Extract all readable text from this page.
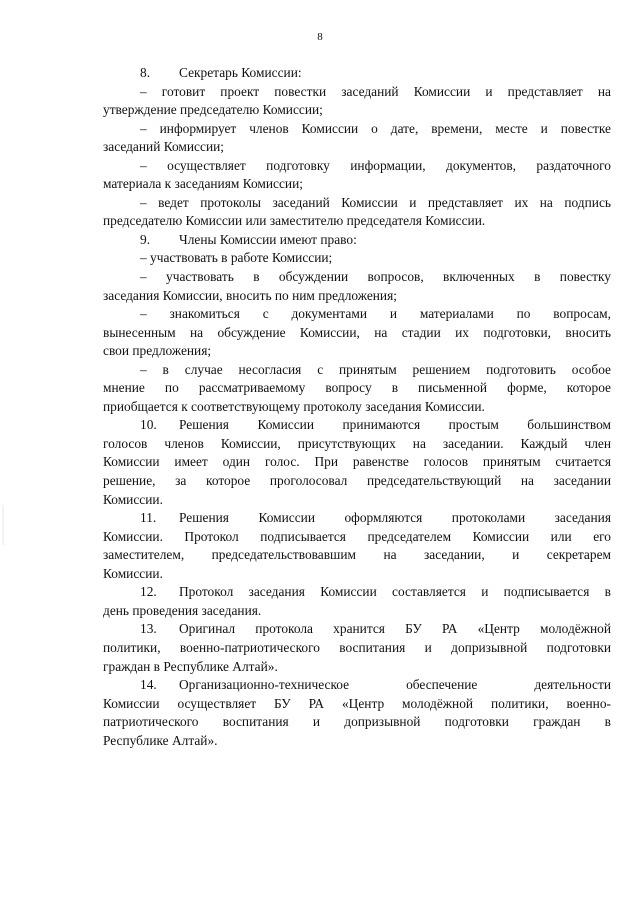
8
8. Секретарь Комиссии:
– готовит проект повестки заседаний Комиссии и представляет на
утверждение председателю Комиссии;
– информирует членов Комиссии о дате, времени, месте и повестке
заседаний Комиссии;
– осуществляет подготовку информации, документов, раздаточного
материала к заседаниям Комиссии;
– ведет протоколы заседаний Комиссии и представляет их на подпись
председателю Комиссии или заместителю председателя Комиссии.
9. Члены Комиссии имеют право:
– участвовать в работе Комиссии;
– участвовать в обсуждении вопросов, включенных в повестку
заседания Комиссии, вносить по ним предложения;
– знакомиться с документами и материалами по вопросам,
вынесенным на обсуждение Комиссии, на стадии их подготовки, вносить
свои предложения;
– в случае несогласия с принятым решением подготовить особое
мнение по рассматриваемому вопросу в письменной форме, которое
приобщается к соответствующему протоколу заседания Комиссии.
10. Решения Комиссии принимаются простым большинством
голосов членов Комиссии, присутствующих на заседании. Каждый член
Комиссии имеет один голос. При равенстве голосов принятым считается
решение, за которое проголосовал председательствующий на заседании
Комиссии.
11. Решения Комиссии оформляются протоколами заседания
Комиссии. Протокол подписывается председателем Комиссии или его
заместителем, председательствовавшим на заседании, и секретарем
Комиссии.
12. Протокол заседания Комиссии составляется и подписывается в
день проведения заседания.
13. Оригинал протокола хранится БУ РА «Центр молодёжной
политики, военно-патриотического воспитания и допризывной подготовки
граждан в Республике Алтай».
14. Организационно-техническое обеспечение деятельности
Комиссии осуществляет БУ РА «Центр молодёжной политики, военно-
патриотического воспитания и допризывной подготовки граждан в
Республике Алтай».
